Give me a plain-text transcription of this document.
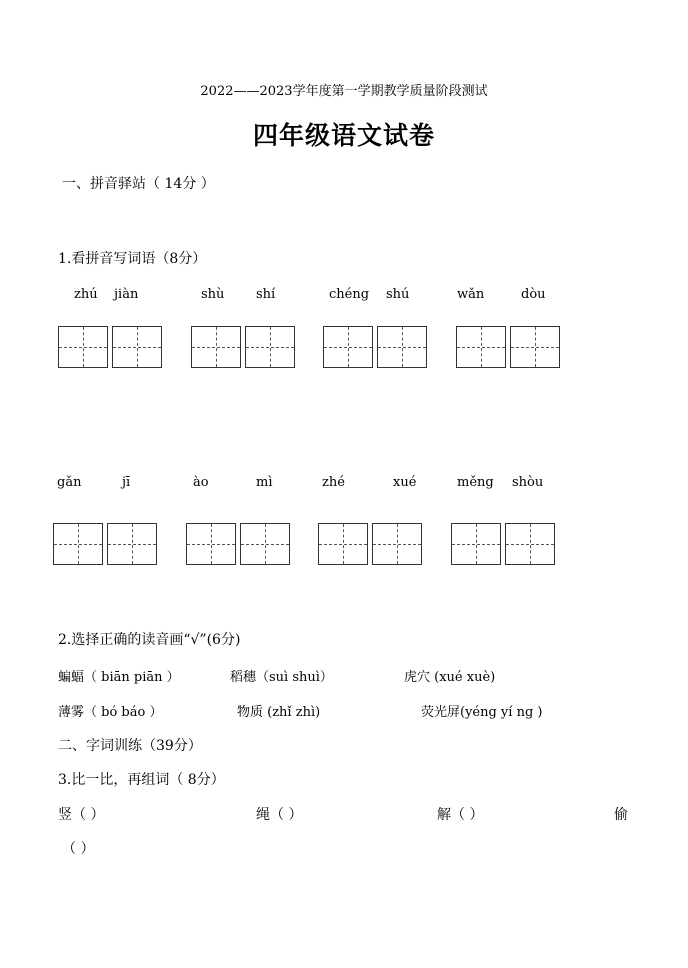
2022——2023学年度第一学期教学质量阶段测试
四年级语文试卷
一、拼音驿站（ 14分 ）
1.看拼音写词语（8分）
zhú jiàn	shù shí	chéng shú	wǎn	dòu
gǎn	jī	ào	mì	zhé	xué	měng shòu
2.选择正确的读音画“√”(6分)
蝙蝠（ biān piān ）	稻穗（suì shuì）	虎穴 (xué xuè)
薄雾（ bó báo ）	物质 (zhǐ zhì)	荧光屏(yéng yí ng )
二、字词训练（39分）
3.比一比，再组词（ 8分）
竖（ ）	绳（ ）	解（ ）	偷
（ ）
